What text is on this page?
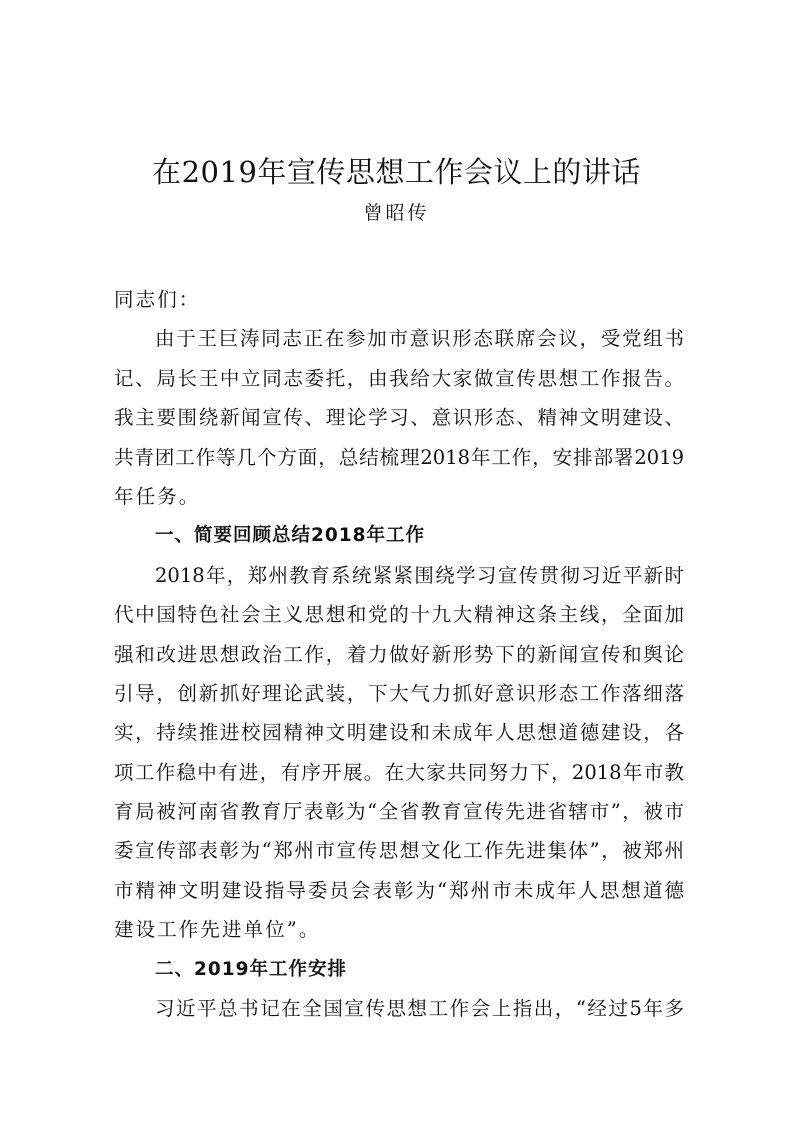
在2019年宣传思想工作会议上的讲话
曾昭传
同志们：
由于王巨涛同志正在参加市意识形态联席会议，受党组书
记、局长王中立同志委托，由我给大家做宣传思想工作报告。
我主要围绕新闻宣传、理论学习、意识形态、精神文明建设、
共青团工作等几个方面，总结梳理2018年工作，安排部署2019
年任务。
一、简要回顾总结2018年工作
2018年，郑州教育系统紧紧围绕学习宣传贯彻习近平新时
代中国特色社会主义思想和党的十九大精神这条主线，全面加
强和改进思想政治工作，着力做好新形势下的新闻宣传和舆论
引导，创新抓好理论武装，下大气力抓好意识形态工作落细落
实，持续推进校园精神文明建设和未成年人思想道德建设，各
项工作稳中有进，有序开展。在大家共同努力下，2018年市教
育局被河南省教育厅表彰为“全省教育宣传先进省辖市”，被市
委宣传部表彰为“郑州市宣传思想文化工作先进集体”，被郑州
市精神文明建设指导委员会表彰为“郑州市未成年人思想道德
建设工作先进单位”。
二、2019年工作安排
习近平总书记在全国宣传思想工作会上指出，“经过5年多
